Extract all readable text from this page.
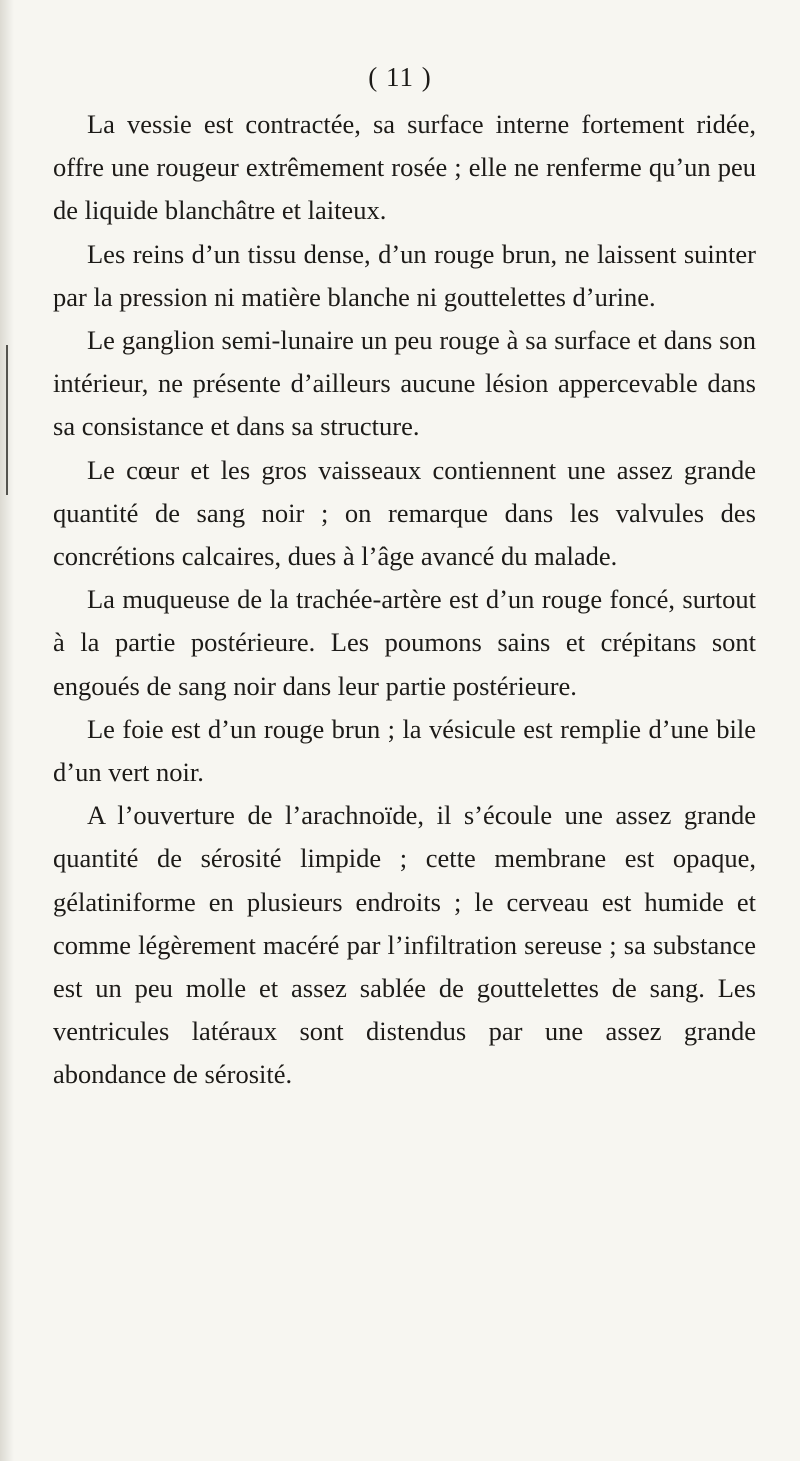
( 11 )

La vessie est contractée, sa surface interne fortement ridée, offre une rougeur extrêmement rosée ; elle ne renferme qu’un peu de liquide blanchâtre et laiteux.

Les reins d’un tissu dense, d’un rouge brun, ne laissent suinter par la pression ni matière blanche ni gouttelettes d’urine.

Le ganglion semi-lunaire un peu rouge à sa surface et dans son intérieur, ne présente d’ailleurs aucune lésion appercevable dans sa consistance et dans sa structure.

Le cœur et les gros vaisseaux contiennent une assez grande quantité de sang noir ; on remarque dans les valvules des concrétions calcaires, dues à l’âge avancé du malade.

La muqueuse de la trachée-artère est d’un rouge foncé, surtout à la partie postérieure. Les poumons sains et crépitans sont engoués de sang noir dans leur partie postérieure.

Le foie est d’un rouge brun ; la vésicule est remplie d’une bile d’un vert noir.

A l’ouverture de l’arachnoïde, il s’écoule une assez grande quantité de sérosité limpide ; cette membrane est opaque, gélatiniforme en plusieurs endroits ; le cerveau est humide et comme légèrement macéré par l’infiltration sereuse ; sa substance est un peu molle et assez sablée de gouttelettes de sang. Les ventricules latéraux sont distendus par une assez grande abondance de sérosité.
